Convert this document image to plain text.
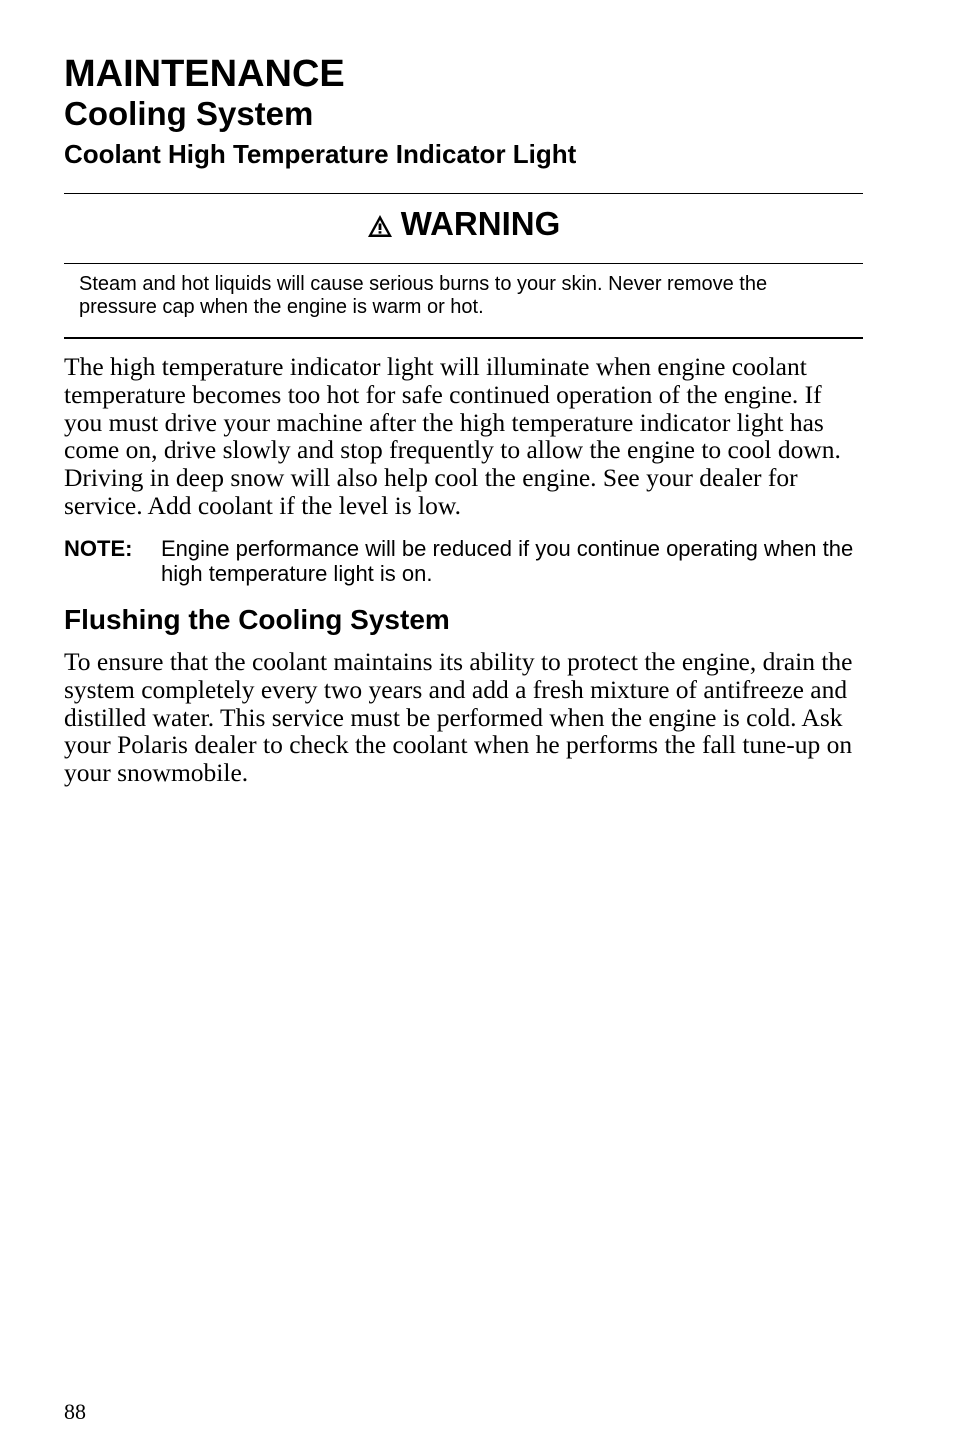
MAINTENANCE
Cooling System
Coolant High Temperature Indicator Light
WARNING
Steam and hot liquids will cause serious burns to your skin. Never remove the pressure cap when the engine is warm or hot.

The high temperature indicator light will illuminate when engine coolant temperature becomes too hot for safe continued operation of the engine. If you must drive your machine after the high temperature indicator light has come on, drive slowly and stop frequently to allow the engine to cool down. Driving in deep snow will also help cool the engine. See your dealer for service. Add coolant if the level is low.

NOTE: Engine performance will be reduced if you continue operating when the high temperature light is on.
Flushing the Cooling System

To ensure that the coolant maintains its ability to protect the engine, drain the system completely every two years and add a fresh mixture of antifreeze and distilled water. This service must be performed when the engine is cold. Ask your Polaris dealer to check the coolant when he performs the fall tune-up on your snowmobile.

88
